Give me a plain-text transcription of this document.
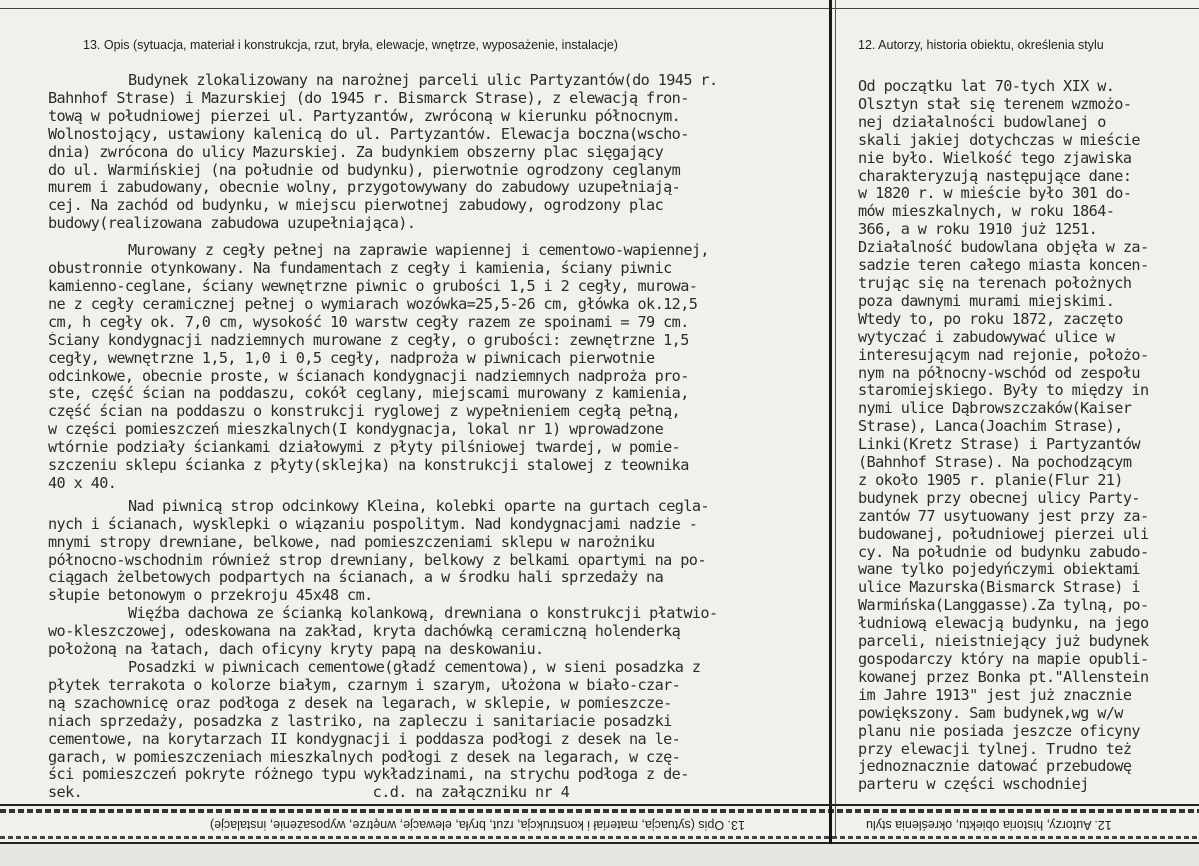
13. Opis (sytuacja, materiał i konstrukcja, rzut, bryła, elewacje, wnętrze, wyposażenie, instalacje)	12. Autorzy, historia obiektu, określenia stylu
Budynek zlokalizowany na narożnej parceli ulic Partyzantów(do 1945 r.
Bahnhof Strase) i Mazurskiej (do 1945 r. Bismarck Strase), z elewacją fron-
tową w południowej pierzei ul. Partyzantów, zwróconą w kierunku północnym.
Wolnostojący, ustawiony kalenicą do ul. Partyzantów. Elewacja boczna(wscho-
dnia) zwrócona do ulicy Mazurskiej. Za budynkiem obszerny plac sięgający
do ul. Warmińskiej (na południe od budynku), pierwotnie ogrodzony ceglanym
murem i zabudowany, obecnie wolny, przygotowywany do zabudowy uzupełniają-
cej. Na zachód od budynku, w miejscu pierwotnej zabudowy, ogrodzony plac
budowy(realizowana zabudowa uzupełniająca).
Murowany z cegły pełnej na zaprawie wapiennej i cementowo-wapiennej,
obustronnie otynkowany. Na fundamentach z cegły i kamienia, ściany piwnic
kamienno-ceglane, ściany wewnętrzne piwnic o grubości 1,5 i 2 cegły, murowa-
ne z cegły ceramicznej pełnej o wymiarach wozówka=25,5-26 cm, główka ok.12,5
cm, h cegły ok. 7,0 cm, wysokość 10 warstw cegły razem ze spoinami = 79 cm.
Ściany kondygnacji nadziemnych murowane z cegły, o grubości: zewnętrzne 1,5
cegły, wewnętrzne 1,5, 1,0 i 0,5 cegły, nadproża w piwnicach pierwotnie
odcinkowe, obecnie proste, w ścianach kondygnacji nadziemnych nadproża pro-
ste, część ścian na poddaszu, cokół ceglany, miejscami murowany z kamienia,
część ścian na poddaszu o konstrukcji ryglowej z wypełnieniem cegłą pełną,
w części pomieszczeń mieszkalnych(I kondygnacja, lokal nr 1) wprowadzone
wtórnie podziały ściankami działowymi z płyty pilśniowej twardej, w pomie-
szczeniu sklepu ścianka z płyty(sklejka) na konstrukcji stalowej z teownika
40 x 40.
Nad piwnicą strop odcinkowy Kleina, kolebki oparte na gurtach cegla-
nych i ścianach, wysklepki o wiązaniu pospolitym. Nad kondygnacjami nadzie -
mnymi stropy drewniane, belkowe, nad pomieszczeniami sklepu w narożniku
północno-wschodnim również strop drewniany, belkowy z belkami opartymi na po-
ciągach żelbetowych podpartych na ścianach, a w środku hali sprzedaży na
słupie betonowym o przekroju 45x48 cm.
Więźba dachowa ze ścianką kolankową, drewniana o konstrukcji płatwio-
wo-kleszczowej, odeskowana na zakład, kryta dachówką ceramiczną holenderką
położoną na łatach, dach oficyny kryty papą na deskowaniu.
Posadzki w piwnicach cementowe(gładź cementowa), w sieni posadzka z
płytek terrakota o kolorze białym, czarnym i szarym, ułożona w biało-czar-
ną szachownicę oraz podłoga z desek na legarach, w sklepie, w pomieszcze-
niach sprzedaży, posadzka z lastriko, na zapleczu i sanitariacie posadzki
cementowe, na korytarzach II kondygnacji i poddasza podłogi z desek na le-
garach, w pomieszczeniach mieszkalnych podłogi z desek na legarach, w czę-
ści pomieszczeń pokryte różnego typu wykładzinami, na strychu podłoga z de-
sek.                                  c.d. na załączniku nr 4
Od początku lat 70-tych XIX w.
Olsztyn stał się terenem wzmożo-
nej działalności budowlanej o
skali jakiej dotychczas w mieście
nie było. Wielkość tego zjawiska
charakteryzują następujące dane:
w 1820 r. w mieście było 301 do-
mów mieszkalnych, w roku 1864-
366, a w roku 1910 już 1251.
Działalność budowlana objęła w za-
sadzie teren całego miasta koncen-
trując się na terenach położnych
poza dawnymi murami miejskimi.
Wtedy to, po roku 1872, zaczęto
wytyczać i zabudowywać ulice w
interesującym nad rejonie, położo-
nym na północny-wschód od zespołu
staromiejskiego. Były to między in
nymi ulice Dąbrowszczaków(Kaiser
Strase), Lanca(Joachim Strase),
Linki(Kretz Strase) i Partyzantów
(Bahnhof Strase). Na pochodzącym
z około 1905 r. planie(Flur 21)
budynek przy obecnej ulicy Party-
zantów 77 usytuowany jest przy za-
budowanej, południowej pierzei uli
cy. Na południe od budynku zabudo-
wane tylko pojedyńczymi obiektami
ulice Mazurska(Bismarck Strase) i
Warmińska(Langgasse).Za tylną, po-
łudniową elewacją budynku, na jego
parceli, nieistniejący już budynek
gospodarczy który na mapie opubli-
kowanej przez Bonka pt."Allenstein
im Jahre 1913" jest już znacznie
powiększony. Sam budynek,wg w/w
planu nie posiada jeszcze oficyny
przy elewacji tylnej. Trudno też
jednoznacznie datować przebudowę
parteru w części wschodniej
13. Opis (sytuacja, materiał i konstrukcja, rzut, bryła, elewacje, wnętrze, wyposażenie, instalacje)	12. Autorzy, historia obiektu, określenia stylu
